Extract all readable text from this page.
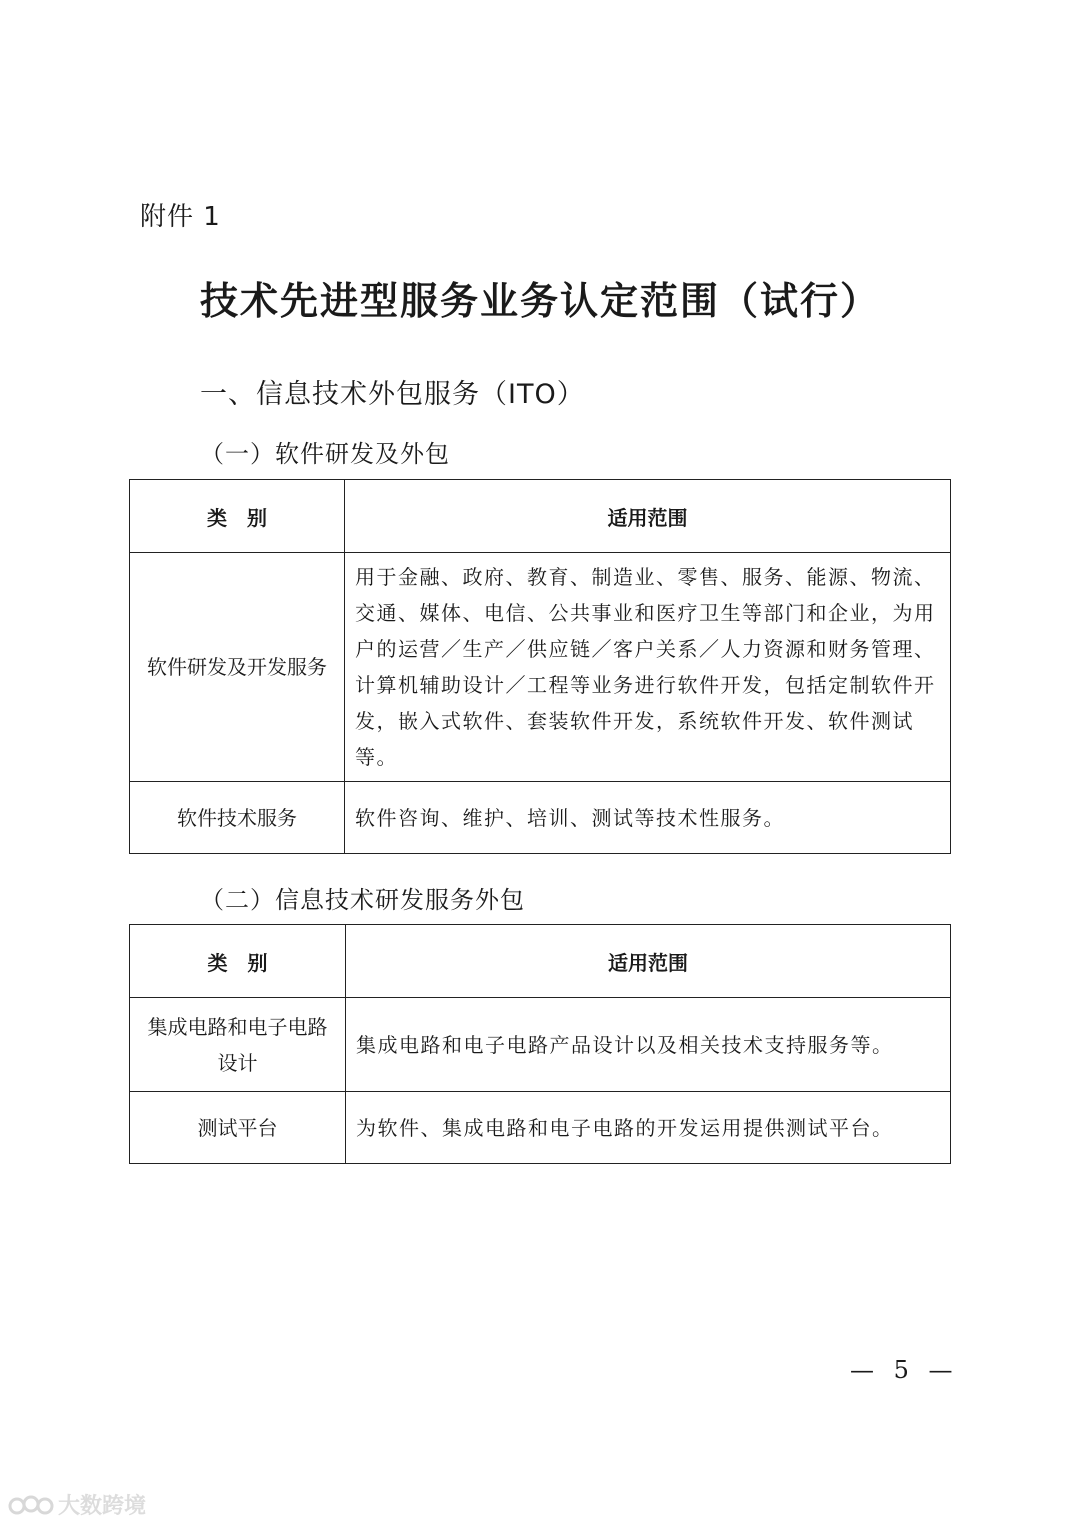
附件 1
技术先进型服务业务认定范围（试行）
一、信息技术外包服务（ITO）
（一）软件研发及外包
类别	适用范围
软件研发及开发服务	用于金融、政府、教育、制造业、零售、服务、能源、物流、交通、媒体、电信、公共事业和医疗卫生等部门和企业，为用户的运营／生产／供应链／客户关系／人力资源和财务管理、计算机辅助设计／工程等业务进行软件开发，包括定制软件开发，嵌入式软件、套装软件开发，系统软件开发、软件测试等。
软件技术服务	软件咨询、维护、培训、测试等技术性服务。
（二）信息技术研发服务外包
类别	适用范围
集成电路和电子电路设计	集成电路和电子电路产品设计以及相关技术支持服务等。
测试平台	为软件、集成电路和电子电路的开发运用提供测试平台。
— 5 —
大数跨境
